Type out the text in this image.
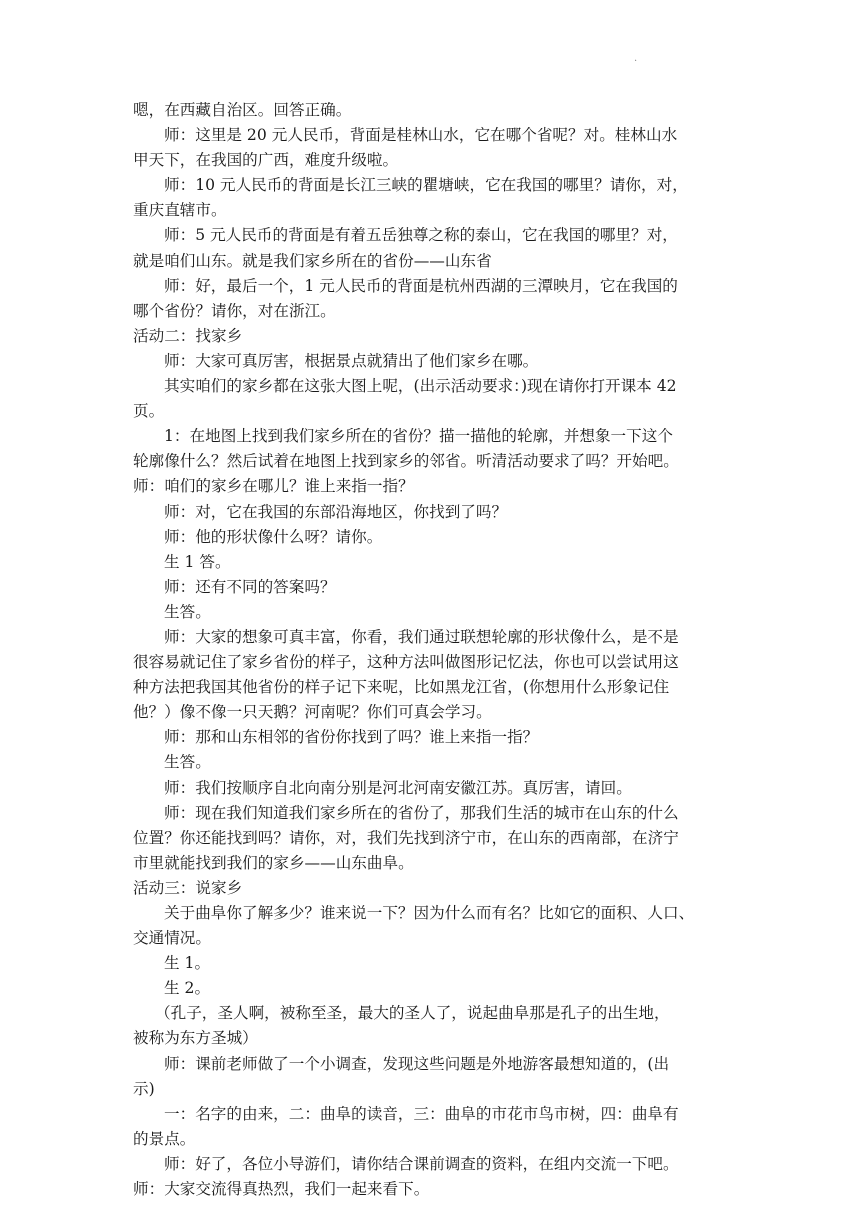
.
嗯，在西藏自治区。回答正确。
师：这里是 20 元人民币，背面是桂林山水，它在哪个省呢？对。桂林山水
甲天下，在我国的广西，难度升级啦。
师：10 元人民币的背面是长江三峡的瞿塘峡，它在我国的哪里？请你，对，
重庆直辖市。
师：5 元人民币的背面是有着五岳独尊之称的泰山，它在我国的哪里？对，
就是咱们山东。就是我们家乡所在的省份——山东省
师：好，最后一个，1 元人民币的背面是杭州西湖的三潭映月，它在我国的
哪个省份？请你，对在浙江。
活动二：找家乡
师：大家可真厉害，根据景点就猜出了他们家乡在哪。
其实咱们的家乡都在这张大图上呢，(出示活动要求：)现在请你打开课本 42
页。
1：在地图上找到我们家乡所在的省份？描一描他的轮廓，并想象一下这个
轮廓像什么？然后试着在地图上找到家乡的邻省。听清活动要求了吗？开始吧。
师：咱们的家乡在哪儿？谁上来指一指？
师：对，它在我国的东部沿海地区，你找到了吗？
师：他的形状像什么呀？请你。
生 1 答。
师：还有不同的答案吗？
生答。
师：大家的想象可真丰富，你看，我们通过联想轮廓的形状像什么，是不是
很容易就记住了家乡省份的样子，这种方法叫做图形记忆法，你也可以尝试用这
种方法把我国其他省份的样子记下来呢，比如黑龙江省，(你想用什么形象记住
他？）像不像一只天鹅？河南呢？你们可真会学习。
师：那和山东相邻的省份你找到了吗？谁上来指一指？
生答。
师：我们按顺序自北向南分别是河北河南安徽江苏。真厉害，请回。
师：现在我们知道我们家乡所在的省份了，那我们生活的城市在山东的什么
位置？你还能找到吗？请你，对，我们先找到济宁市，在山东的西南部，在济宁
市里就能找到我们的家乡——山东曲阜。
活动三：说家乡
关于曲阜你了解多少？谁来说一下？因为什么而有名？比如它的面积、人口、
交通情况。
生 1。
生 2。
（孔子，圣人啊，被称至圣，最大的圣人了，说起曲阜那是孔子的出生地，
被称为东方圣城）
师：课前老师做了一个小调查，发现这些问题是外地游客最想知道的，(出
示)
一：名字的由来，二：曲阜的读音，三：曲阜的市花市鸟市树，四：曲阜有
的景点。
师：好了，各位小导游们，请你结合课前调查的资料，在组内交流一下吧。
师：大家交流得真热烈，我们一起来看下。
